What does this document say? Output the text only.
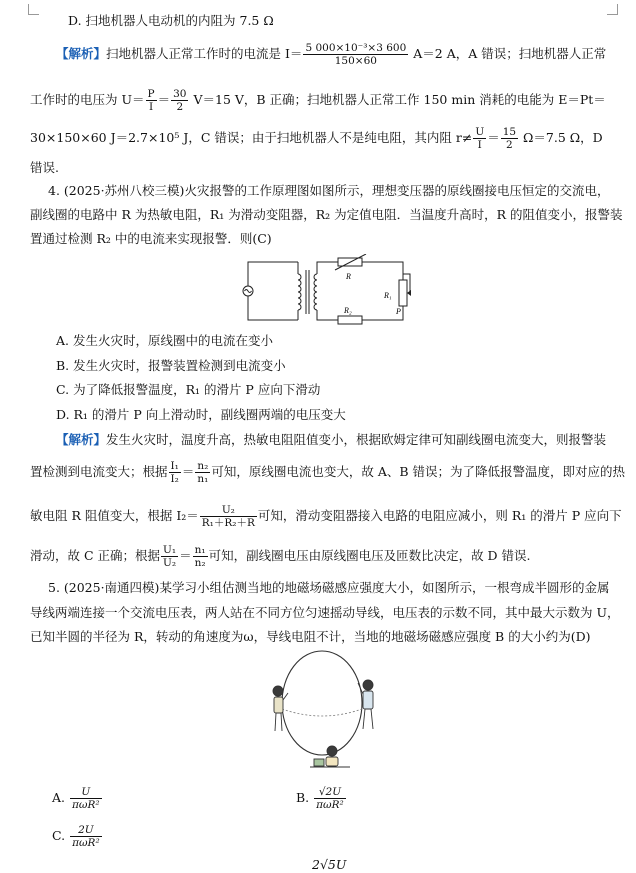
D. 扫地机器人电动机的内阻为 7.5 Ω
【解析】扫地机器人正常工作时的电流是 $I= \frac{\text{5 000×10⁻³×3 600}}{150\times 60} A=2$ A，A 错误；扫地机器人正常
工作时的电压为 $U= \frac{P}{I} = \frac{30}{2} V=15$ V，B 正确；扫地机器人正常工作 150 min 消耗的电能为 E＝Pt＝
30×150×60 J＝2.7×10⁵ J，C 错误；由于扫地机器人不是纯电阻，其内阻 $r\ne \frac{U}{I} = \frac{15}{2} \Omega=7.5$ Ω，D
错误.
4. (2025·苏州八校三模)火灾报警的工作原理图如图所示，理想变压器的原线圈接电压恒定的交流电，
副线圈的电路中 R 为热敏电阻，R₁ 为滑动变阻器，R₂ 为定值电阻．当温度升高时，R 的阻值变小，报警装
置通过检测 R₂ 中的电流来实现报警．则(C)
R
R₂
R₁
P
A. 发生火灾时，原线圈中的电流在变小
B. 发生火灾时，报警装置检测到电流变小
C. 为了降低报警温度，R₁ 的滑片 P 应向下滑动
D. R₁ 的滑片 P 向上滑动时，副线圈两端的电压变大
【解析】发生火灾时，温度升高，热敏电阻阻值变小，根据欧姆定律可知副线圈电流变大，则报警装
置检测到电流变大；根据 $\frac{\text{I₁}}{\text{I₂}} = \frac{\text{n₂}}{\text{n₁}}$ 可知，原线圈电流也变大，故 A、B 错误；为了降低报警温度，即对应的热
敏电阻 R 阻值变大，根据 $I_2= \frac{\text{U₂}}{\text{R₁＋R₂＋R}}$ 可知，滑动变阻器接入电路的电阻应减小，则 R₁ 的滑片 P 应向下
滑动，故 C 正确；根据 $\frac{\text{U₁}}{\text{U₂}} = \frac{\text{n₁}}{\text{n₂}}$ 可知，副线圈电压由原线圈电压及匝数比决定，故 D 错误.
5. (2025·南通四模)某学习小组估测当地的地磁场磁感应强度大小，如图所示，一根弯成半圆形的金属
导线两端连接一个交流电压表，两人站在不同方位匀速摇动导线，电压表的示数不同，其中最大示数为 U，
已知半圆的半径为 R，转动的角速度为ω，导线电阻不计，当地的地磁场磁感应强度 B 的大小约为(D)
A. $\frac{U}{\text{πωR²}}$	B. $\frac{√2U}{\text{πωR²}}$
C. $\frac{2U}{\text{πωR²}}$
2√5U
